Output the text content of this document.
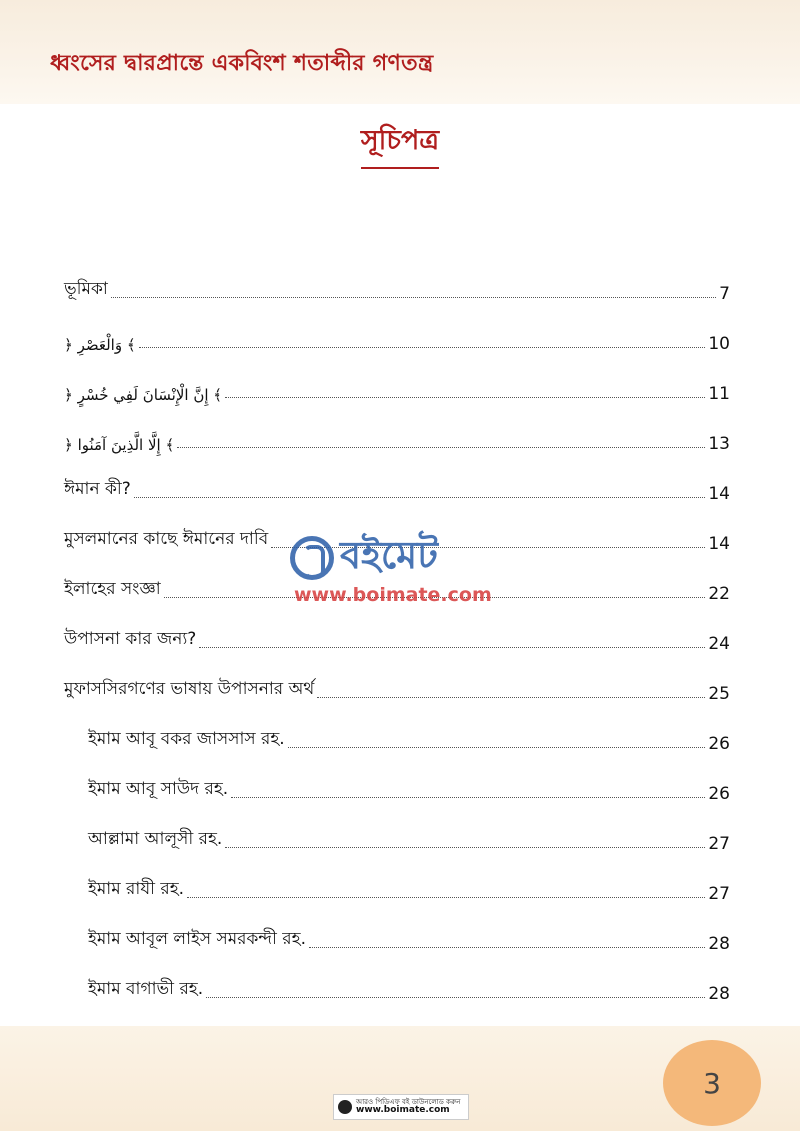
ধ্বংসের দ্বারপ্রান্তে একবিংশ শতাব্দীর গণতন্ত্র
সূচিপত্র
ভূমিকা	7
﴿ وَالْعَصْرِ ﴾	10
﴿ إِنَّ الْإِنْسَانَ لَفِي خُسْرٍ ﴾	11
﴿ إِلَّا الَّذِينَ آمَنُوا ﴾	13
ঈমান কী?	14
মুসলমানের কাছে ঈমানের দাবি	14
ইলাহের সংজ্ঞা	22
উপাসনা কার জন্য?	24
মুফাসসিরগণের ভাষায় উপাসনার অর্থ	25
ইমাম আবূ বকর জাসসাস রহ.	26
ইমাম আবূ সাউদ রহ.	26
আল্লামা আলূসী রহ.	27
ইমাম রাযী রহ.	27
ইমাম আবূল লাইস সমরকন্দী রহ.	28
ইমাম বাগাভী রহ.	28
বইমেট
www.boimate.com
3
আরও পিডিএফ বই ডাউনলোড করুন
www.boimate.com
